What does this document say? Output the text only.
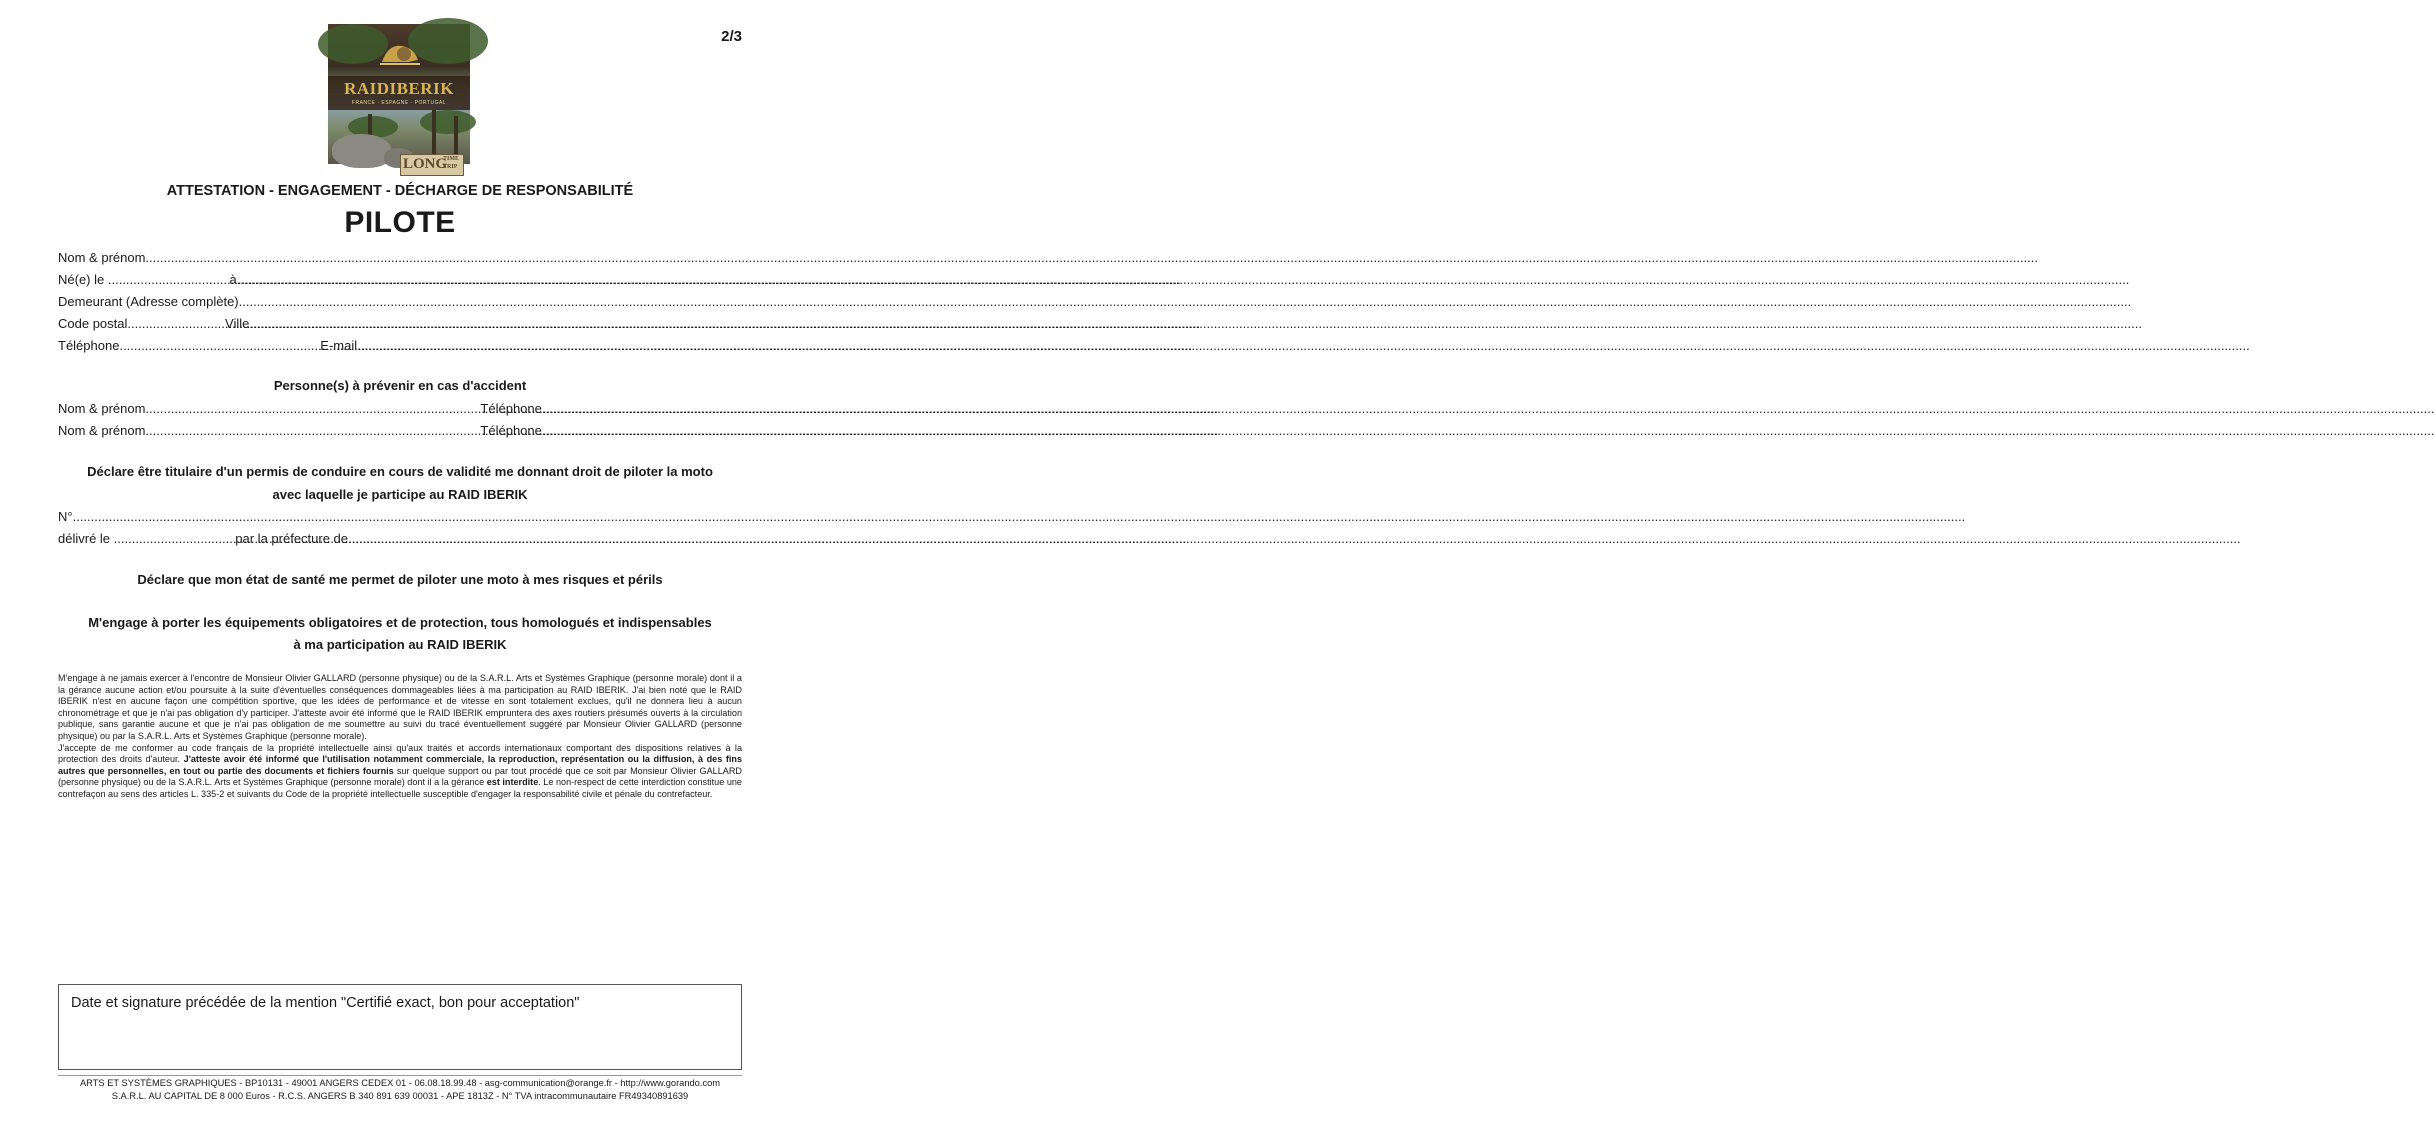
2/3
RAIDIBERIK
FRANCE · ESPAGNE · PORTUGAL
LONG
TIME
TRIP
ATTESTATION - ENGAGEMENT - DÉCHARGE DE RESPONSABILITÉ
PILOTE
Nom & prénom
.....
Né(e) le
.....
	à
.....
Demeurant (Adresse complète)
.....
Code postal .....
	Ville
.....
Téléphone .....
	E-mail
.....
Personne(s) à prévenir en cas d'accident
Nom & prénom .....	Téléphone
.....
Nom & prénom .....	Téléphone
.....
Déclare être titulaire d'un permis de conduire en cours de validité me donnant droit de piloter la moto
avec laquelle je participe au RAID IBERIK
N°
.....
délivré le
.....
	par la préfecture de
.....
Déclare que mon état de santé me permet de piloter une moto à mes risques et périls
M'engage à porter les équipements obligatoires et de protection, tous homologués et indispensables
à ma participation au RAID IBERIK

M'engage à ne jamais exercer à l'encontre de Monsieur Olivier GALLARD (personne physique) ou de la S.A.R.L. Arts et Systèmes Graphique (personne morale) dont il a la gérance aucune action et/ou poursuite à la suite d'éventuelles conséquences dommageables liées à ma participation au RAID IBERIK. J'ai bien noté que le RAID IBERIK n'est en aucune façon une compétition sportive, que les idées de performance et de vitesse en sont totalement exclues, qu'il ne donnera lieu à aucun chronométrage et que je n'ai pas obligation d'y participer. J'atteste avoir été informé que le RAID IBERIK empruntera des axes routiers présumés ouverts à la circulation publique, sans garantie aucune et que je n'ai pas obligation de me soumettre au suivi du tracé éventuellement suggéré par Monsieur Olivier GALLARD (personne physique) ou par la S.A.R.L. Arts et Systèmes Graphique (personne morale).

J'accepte de me conformer au code français de la propriété intellectuelle ainsi qu'aux traités et accords internationaux comportant des dispositions relatives à la protection des droits d'auteur. J'atteste avoir été informé que l'utilisation notamment commerciale, la reproduction, représentation ou la diffusion, à des fins autres que personnelles, en tout ou partie des documents et fichiers fournis sur quelque support ou par tout procédé que ce soit par Monsieur Olivier GALLARD (personne physique) ou de la S.A.R.L. Arts et Systèmes Graphique (personne morale) dont il a la gérance est interdite. Le non-respect de cette interdiction constitue une contrefaçon au sens des articles L. 335-2 et suivants du Code de la propriété intellectuelle susceptible d'engager la responsabilité civile et pénale du contrefacteur.

Date et signature précédée de la mention "Certifié exact, bon pour acceptation"
ARTS ET SYSTÈMES GRAPHIQUES - BP10131 - 49001 ANGERS CEDEX 01 - 06.08.18.99.48 - asg-communication@orange.fr - http://www.gorando.com
S.A.R.L. AU CAPITAL DE 8 000 Euros - R.C.S. ANGERS B 340 891 639 00031 - APE 1813Z - N° TVA intracommunautaire FR49340891639
